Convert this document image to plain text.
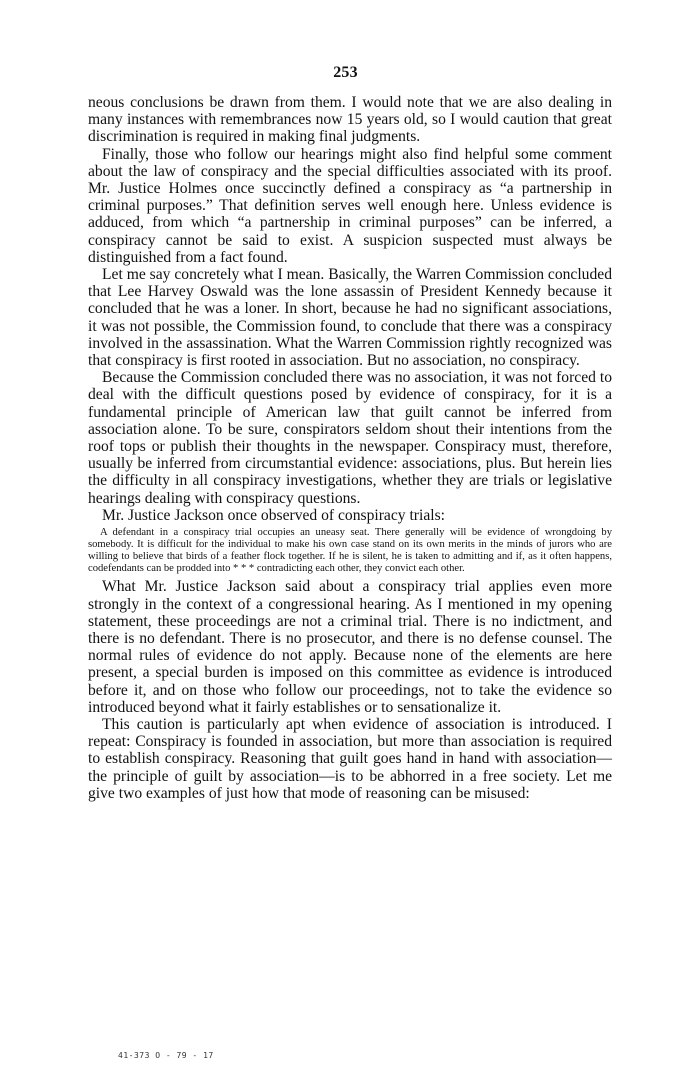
253

neous conclusions be drawn from them. I would note that we are also dealing in many instances with remembrances now 15 years old, so I would caution that great discrimination is required in making final judgments.

Finally, those who follow our hearings might also find helpful some comment about the law of conspiracy and the special difficulties associated with its proof. Mr. Justice Holmes once succinctly defined a conspiracy as “a partnership in criminal purposes.” That definition serves well enough here. Unless evidence is adduced, from which “a partnership in criminal purposes” can be inferred, a conspiracy cannot be said to exist. A suspicion suspected must always be distinguished from a fact found.

Let me say concretely what I mean. Basically, the Warren Commission concluded that Lee Harvey Oswald was the lone assassin of President Kennedy because it concluded that he was a loner. In short, because he had no significant associations, it was not possible, the Commission found, to conclude that there was a conspiracy involved in the assassination. What the Warren Commission rightly recognized was that conspiracy is first rooted in association. But no association, no conspiracy.

Because the Commission concluded there was no association, it was not forced to deal with the difficult questions posed by evidence of conspiracy, for it is a fundamental principle of American law that guilt cannot be inferred from association alone. To be sure, conspirators seldom shout their intentions from the roof tops or publish their thoughts in the newspaper. Conspiracy must, therefore, usually be inferred from circumstantial evidence: associations, plus. But herein lies the difficulty in all conspiracy investigations, whether they are trials or legislative hearings dealing with conspiracy questions.

Mr. Justice Jackson once observed of conspiracy trials:

A defendant in a conspiracy trial occupies an uneasy seat. There generally will be evidence of wrongdoing by somebody. It is difficult for the individual to make his own case stand on its own merits in the minds of jurors who are willing to believe that birds of a feather flock together. If he is silent, he is taken to admitting and if, as it often happens, codefendants can be prodded into * * * contradicting each other, they convict each other.

What Mr. Justice Jackson said about a conspiracy trial applies even more strongly in the context of a congressional hearing. As I mentioned in my opening statement, these proceedings are not a criminal trial. There is no indictment, and there is no defendant. There is no prosecutor, and there is no defense counsel. The normal rules of evidence do not apply. Because none of the elements are here present, a special burden is imposed on this committee as evidence is introduced before it, and on those who follow our proceedings, not to take the evidence so introduced beyond what it fairly establishes or to sensationalize it.

This caution is particularly apt when evidence of association is introduced. I repeat: Conspiracy is founded in association, but more than association is required to establish conspiracy. Reasoning that guilt goes hand in hand with association—the principle of guilt by association—is to be abhorred in a free society. Let me give two examples of just how that mode of reasoning can be misused:

41-373 O - 79 - 17
